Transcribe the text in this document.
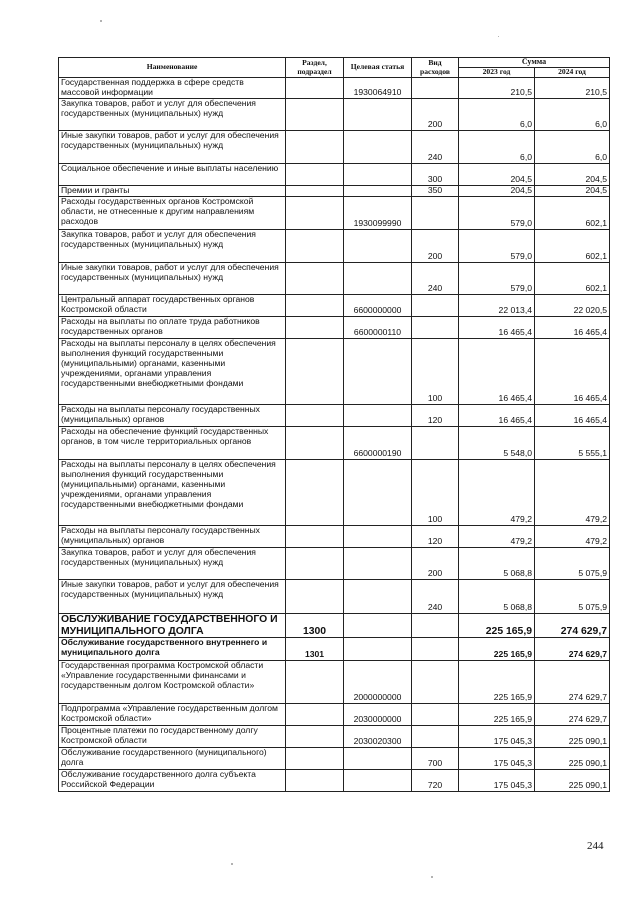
Наименование	Раздел, подраздел	Целевая статья	Вид расходов	Сумма	
				2023 год	2024 год
Государственная поддержка в сфере средств массовой информации		1930064910		210,5	210,5
Закупка товаров, работ и услуг для обеспечения государственных (муниципальных) нужд			200	6,0	6,0
Иные закупки товаров, работ и услуг для обеспечения государственных (муниципальных) нужд			240	6,0	6,0
Социальное обеспечение и иные выплаты населению			300	204,5	204,5
Премии и гранты			350	204,5	204,5
Расходы государственных органов Костромской области, не отнесенные к другим направлениям расходов		1930099990		579,0	602,1
Закупка товаров, работ и услуг для обеспечения государственных (муниципальных) нужд			200	579,0	602,1
Иные закупки товаров, работ и услуг для обеспечения государственных (муниципальных) нужд			240	579,0	602,1
Центральный аппарат государственных органов Костромской области		6600000000		22 013,4	22 020,5
Расходы на выплаты по оплате труда работников государственных органов		6600000110		16 465,4	16 465,4
Расходы на выплаты персоналу в целях обеспечения выполнения функций государственными (муниципальными) органами, казенными учреждениями, органами управления государственными внебюджетными фондами			100	16 465,4	16 465,4
Расходы на выплаты персоналу государственных (муниципальных) органов			120	16 465,4	16 465,4
Расходы на обеспечение функций государственных органов, в том числе территориальных органов		6600000190		5 548,0	5 555,1
Расходы на выплаты персоналу в целях обеспечения выполнения функций государственными (муниципальными) органами, казенными учреждениями, органами управления государственными внебюджетными фондами			100	479,2	479,2
Расходы на выплаты персоналу государственных (муниципальных) органов			120	479,2	479,2
Закупка товаров, работ и услуг для обеспечения государственных (муниципальных) нужд			200	5 068,8	5 075,9
Иные закупки товаров, работ и услуг для обеспечения государственных (муниципальных) нужд			240	5 068,8	5 075,9
ОБСЛУЖИВАНИЕ ГОСУДАРСТВЕННОГО И МУНИЦИПАЛЬНОГО ДОЛГА	1300			225 165,9	274 629,7
Обслуживание государственного внутреннего и муниципального долга	1301			225 165,9	274 629,7
Государственная программа Костромской области «Управление государственными финансами и государственным долгом Костромской области»		2000000000		225 165,9	274 629,7
Подпрограмма «Управление государственным долгом Костромской области»		2030000000		225 165,9	274 629,7
Процентные платежи по государственному долгу Костромской области		2030020300		175 045,3	225 090,1
Обслуживание государственного (муниципального) долга			700	175 045,3	225 090,1
Обслуживание государственного долга субъекта Российской Федерации			720	175 045,3	225 090,1
244
